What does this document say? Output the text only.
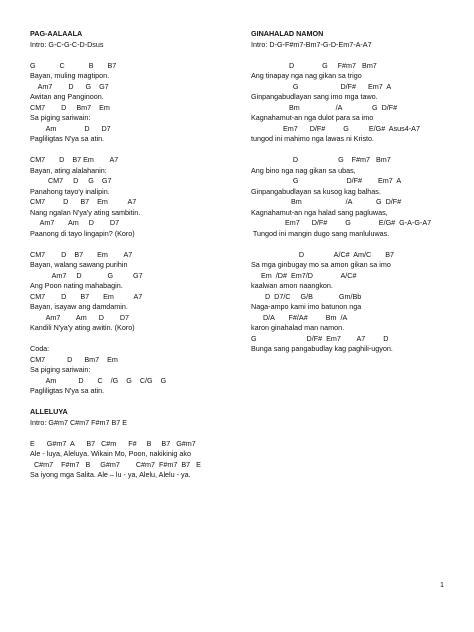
PAG-AALAALA
Intro: G-C-G-C-D-Dsus
G            C            B       B7
Bayan, muling magtipon.
Am7        D      G    G7
Awitan ang Panginoon.
CM7        D     Bm7    Em
Sa piging sariwain:
Am              D      D7
Pagliligtas N'ya sa atin.
CM7       D    B7 Em        A7
Bayan, ating alalahanin:
CM7     D     G    G7
Panahong tayo'y inalipin.
CM7         D      B7    Em          A7
Nang ngalan N'ya'y ating sambitin.
Am7       Am     D        D7
Paanong di tayo lingapin? (Koro)
CM7        D    B7       Em        A7
Bayan, walang sawang purihin
Am7     D             G          G7
Ang Poon nating mahabagin.
CM7        D       B7       Em          A7
Bayan, isayaw ang damdamin.
Am7        Am      D        D7
Kandili N'ya'y ating awitin. (Koro)
Coda:
CM7           D      Bm7    Em
Sa piging sariwain:
Am           D       C    /G    G    C/G    G
Pagliligtas N'ya sa atin.
ALLELUYA
Intro: G#m7 C#m7 F#m7 B7 E
E      G#m7  A      B7   C#m      F#     B     B7   G#m7
Ale - luya, Aleluya. Wikain Mo, Poon, nakikinig ako
C#m7    F#m7   B     G#m7        C#m7  F#m7  B7   E
Sa iyong mga Salita. Ale – lu - ya, Alelu, Alelu - ya.
GINAHALAD NAMON
Intro: D-G-F#m7-Bm7-G-D-Em7-A-A7
D              G     F#m7   Bm7
Ang tinapay nga nag gikan sa trigo
G                     D/F#      Em7  A
Ginpangabudlayan sang imo mga tawo.
Bm                  /A               G  D/F#
Kagnahamut-an nga dulot para sa imo
Em7      D/F#         G          E/G#  Asus4-A7
tungod ini mahimo nga lawas ni Kristo.
D                    G    F#m7   Bm7
Ang bino nga nag gikan sa ubas,
G                        D/F#        Em7  A
Ginpangabudlayan sa kusog kag balhas.
Bm                      /A            G  D/F#
Kagnahamut-an nga halad sang pagluwas,
Em7      D/F#         G              E/G#  G-A-G-A7
Tungod ini mangin dugo sang manluluwas.
D               A/C#  Am/C       B7
Sa mga ginbugay mo sa amon gikan sa imo
Em  /D#  Em7/D              A/C#
kaalwan amon naangkon.
D  D7/C     G/B             Gm/Bb
Naga-ampo kami imo batunon nga
D/A       F#/A#         Bm  /A
karon ginahalad man namon.
G                         D/F#  Em7        A7         D
Bunga sang pangabudlay kag paghili-ugyon.
1
